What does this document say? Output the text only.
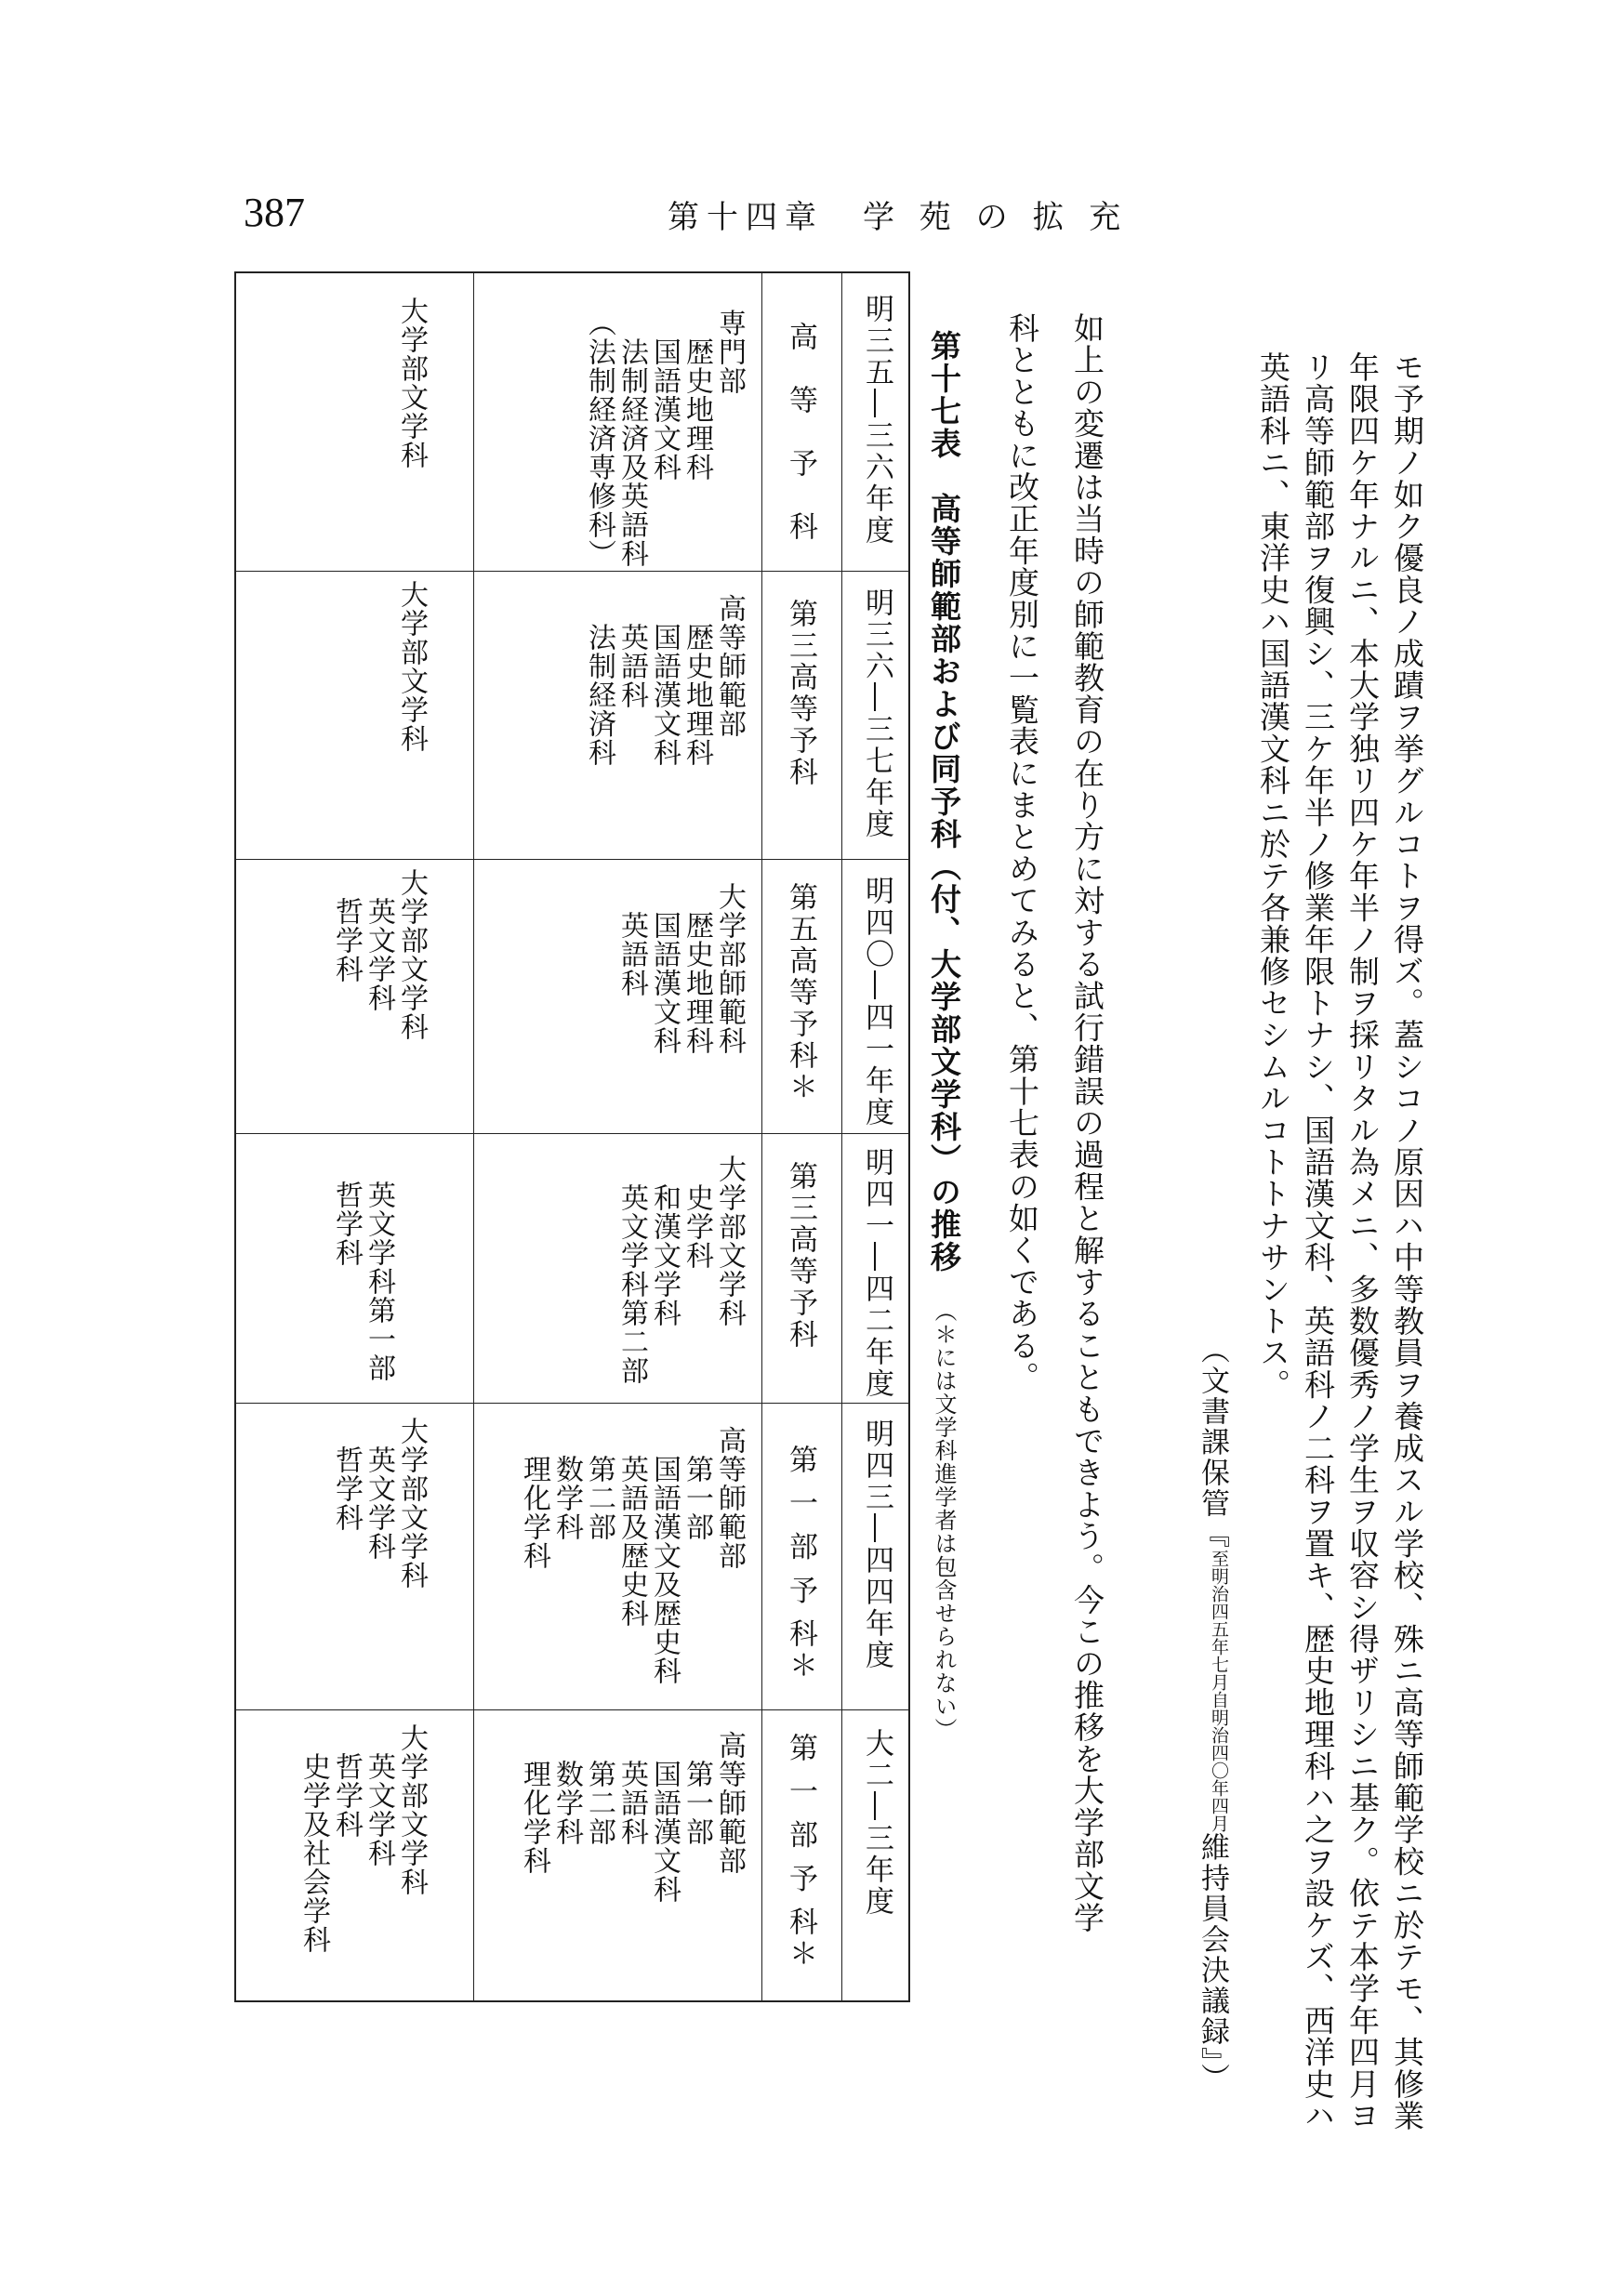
387	第十四章　学 苑 の 拡 充
モ予期ノ如ク優良ノ成蹟ヲ挙グルコトヲ得ズ。蓋シコノ原因ハ中等教員ヲ養成スル学校、殊ニ高等師範学校ニ於テモ、其修業
年限四ケ年ナルニ、本大学独リ四ケ年半ノ制ヲ採リタル為メニ、多数優秀ノ学生ヲ収容シ得ザリシニ基ク。依テ本学年四月ヨ
リ高等師範部ヲ復興シ、三ケ年半ノ修業年限トナシ、国語漢文科、英語科ノ二科ヲ置キ、歴史地理科ハ之ヲ設ケズ、西洋史ハ
英語科ニ、東洋史ハ国語漢文科ニ於テ各兼修セシムルコトトナサントス。
（文書課保管『
自明治四〇年四月
至明治四五年七月
維持員会決議録』）
如上の変遷は当時の師範教育の在り方に対する試行錯誤の過程と解することもできよう。今この推移を大学部文学
科とともに改正年度別に一覧表にまとめてみると、第十七表の如くである。
第十七表　高等師範部および同予科（付、大学部文学科）の推移 （＊には文学科進学者は包含せられない）
明三五―三六年度
高　等　予　科
専門部
　歴史地理科
　国語漢文科
　法制経済及英語科
（法制経済専修科）
大学部文学科
明三六―三七年度
第三高等予科
高等師範部
　歴史地理科
　国語漢文科
　英語科
　法制経済科
大学部文学科
明四〇―四一年度
第五高等予科＊
大学部師範科
　歴史地理科
　国語漢文科
　英語科
大学部文学科
　英文学科
　哲学科
明四一―四二年度
第三高等予科
大学部文学科
　史学科
　和漢文学科
　英文学科第二部
　英文学科第一部
　哲学科
明四三―四四年度
第 一 部 予 科＊
高等師範部
　第一部
　国語漢文及歴史科
　英語及歴史科
　第二部
　数学科
　理化学科
大学部文学科
　英文学科
　哲学科
大二―三年度
第 一 部 予 科＊
高等師範部
　第一部
　国語漢文科
　英語科
　第二部
　数学科
　理化学科
大学部文学科
　英文学科
　哲学科
　史学及社会学科
